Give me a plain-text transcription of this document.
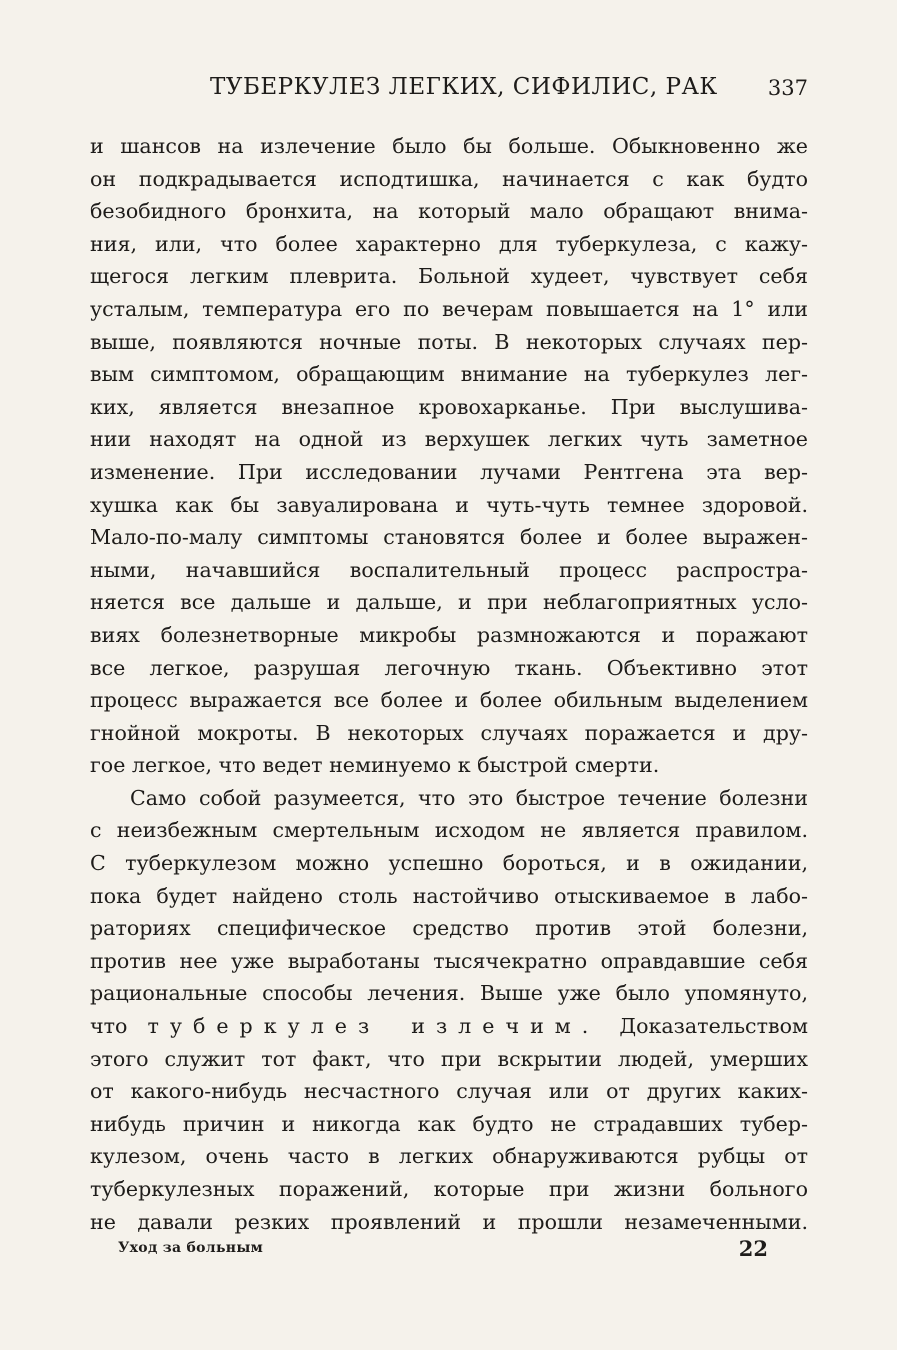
ТУБЕРКУЛЕЗ ЛЕГКИХ, СИФИЛИС, РАК 337
и шансов на излечение было бы больше. Обыкновенно же
он подкрадывается исподтишка, начинается с как будто
безобидного бронхита, на который мало обращают внима-
ния, или, что более характерно для туберкулеза, с кажу-
щегося легким плеврита. Больной худеет, чувствует себя
усталым, температура его по вечерам повышается на 1° или
выше, появляются ночные поты. В некоторых случаях пер-
вым симптомом, обращающим внимание на туберкулез лег-
ких, является внезапное кровохарканье. При выслушива-
нии находят на одной из верхушек легких чуть заметное
изменение. При исследовании лучами Рентгена эта вер-
хушка как бы завуалирована и чуть-чуть темнее здоровой.
Мало-по-малу симптомы становятся более и более выражен-
ными, начавшийся воспалительный процесс распростра-
няется все дальше и дальше, и при неблагоприятных усло-
виях болезнетворные микробы размножаются и поражают
все легкое, разрушая легочную ткань. Объективно этот
процесс выражается все более и более обильным выделением
гнойной мокроты. В некоторых случаях поражается и дру-
гое легкое, что ведет неминуемо к быстрой смерти.
Само собой разумеется, что это быстрое течение болезни
с неизбежным смертельным исходом не является правилом.
С туберкулезом можно успешно бороться, и в ожидании,
пока будет найдено столь настойчиво отыскиваемое в лабо-
раториях специфическое средство против этой болезни,
против нее уже выработаны тысячекратно оправдавшие себя
рациональные способы лечения. Выше уже было упомянуто,
что туберкулез излечим. Доказательством
этого служит тот факт, что при вскрытии людей, умерших
от какого-нибудь несчастного случая или от других каких-
нибудь причин и никогда как будто не страдавших тубер-
кулезом, очень часто в легких обнаруживаются рубцы от
туберкулезных поражений, которые при жизни больного
не давали резких проявлений и прошли незамеченными.
Уход за больным	22
